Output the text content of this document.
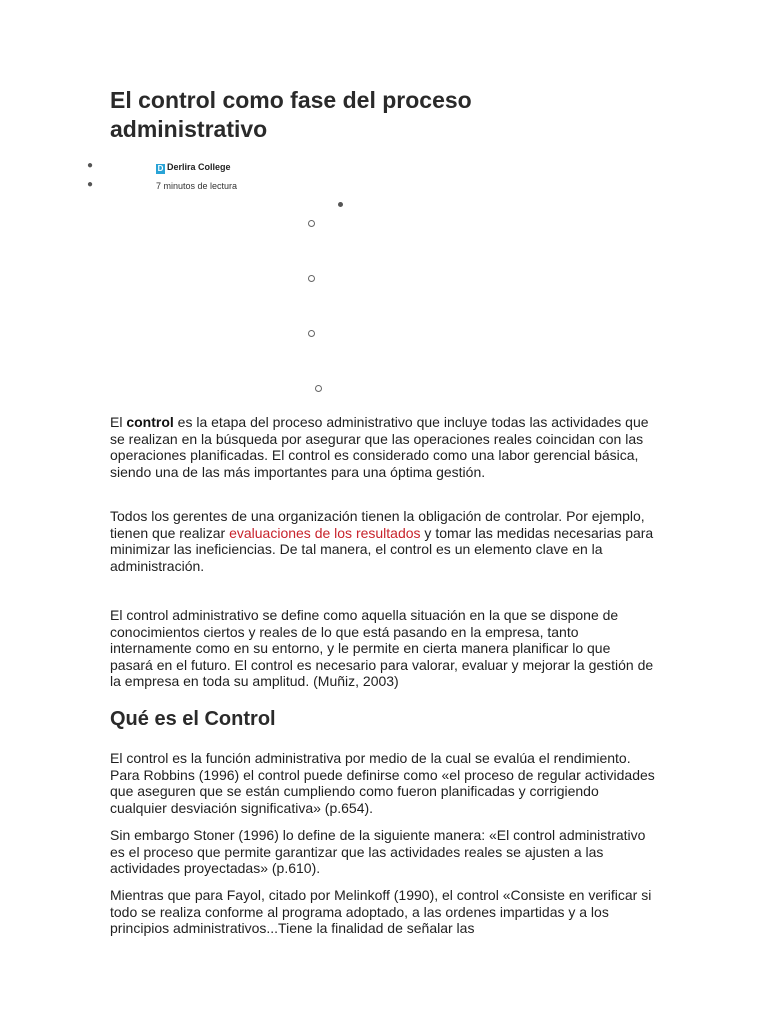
El control como fase del proceso administrativo
●	D Derlira College
●	7 minutos de lectura

El control es la etapa del proceso administrativo que incluye todas las actividades que se realizan en la búsqueda por asegurar que las operaciones reales coincidan con las operaciones planificadas. El control es considerado como una labor gerencial básica, siendo una de las más importantes para una óptima gestión.

Todos los gerentes de una organización tienen la obligación de controlar. Por ejemplo, tienen que realizar evaluaciones de los resultados y tomar las medidas necesarias para minimizar las ineficiencias. De tal manera, el control es un elemento clave en la administración.

El control administrativo se define como aquella situación en la que se dispone de conocimientos ciertos y reales de lo que está pasando en la empresa, tanto internamente como en su entorno, y le permite en cierta manera planificar lo que pasará en el futuro. El control es necesario para valorar, evaluar y mejorar la gestión de la empresa en toda su amplitud. (Muñiz, 2003)

Qué es el Control

El control es la función administrativa por medio de la cual se evalúa el rendimiento. Para Robbins (1996) el control puede definirse como «el proceso de regular actividades que aseguren que se están cumpliendo como fueron planificadas y corrigiendo cualquier desviación significativa» (p.654).

Sin embargo Stoner (1996) lo define de la siguiente manera: «El control administrativo es el proceso que permite garantizar que las actividades reales se ajusten a las actividades proyectadas» (p.610).

Mientras que para Fayol, citado por Melinkoff (1990), el control «Consiste en verificar si todo se realiza conforme al programa adoptado, a las ordenes impartidas y a los principios administrativos...Tiene la finalidad de señalar las
